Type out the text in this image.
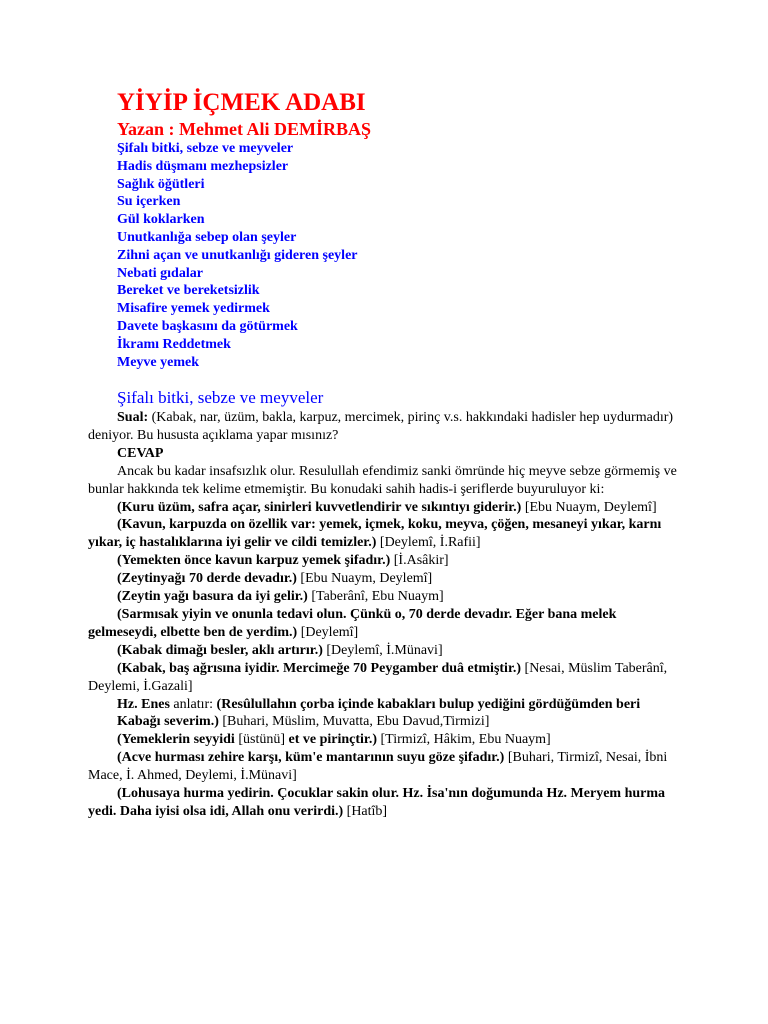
YİYİP İÇMEK ADABI
Yazan : Mehmet Ali DEMİRBAŞ
Şifalı bitki, sebze ve meyveler
Hadis düşmanı mezhepsizler
Sağlık öğütleri
Su içerken
Gül koklarken
Unutkanlığa sebep olan şeyler
Zihni açan ve unutkanlığı gideren şeyler
Nebati gıdalar
Bereket ve bereketsizlik
Misafire yemek yedirmek
Davete başkasını da götürmek
İkramı Reddetmek
Meyve yemek
Şifalı bitki, sebze ve meyveler

Sual: (Kabak, nar, üzüm, bakla, karpuz, mercimek, pirinç v.s. hakkındaki hadisler hep uydurmadır) deniyor. Bu hususta açıklama yapar mısınız?

CEVAP

Ancak bu kadar insafsızlık olur. Resulullah efendimiz sanki ömründe hiç meyve sebze görmemiş ve bunlar hakkında tek kelime etmemiştir. Bu konudaki sahih hadis-i şeriflerde buyuruluyor ki:

(Kuru üzüm, safra açar, sinirleri kuvvetlendirir ve sıkıntıyı giderir.) [Ebu Nuaym, Deylemî]

(Kavun, karpuzda on özellik var: yemek, içmek, koku, meyva, çöğen, mesaneyi yıkar, karnı yıkar, iç hastalıklarına iyi gelir ve cildi temizler.) [Deylemî, İ.Rafii]

(Yemekten önce kavun karpuz yemek şifadır.) [İ.Asâkir]

(Zeytinyağı 70 derde devadır.) [Ebu Nuaym, Deylemî]

(Zeytin yağı basura da iyi gelir.) [Taberânî, Ebu Nuaym]

(Sarmısak yiyin ve onunla tedavi olun. Çünkü o, 70 derde devadır. Eğer bana melek gelmeseydi, elbette ben de yerdim.) [Deylemî]

(Kabak dimağı besler, aklı artırır.) [Deylemî, İ.Münavi]

(Kabak, baş ağrısına iyidir. Mercimeğe 70 Peygamber duâ etmiştir.) [Nesai, Müslim Taberânî, Deylemi, İ.Gazali]

Hz. Enes anlatır: (Resûlullahın çorba içinde kabakları bulup yediğini gördüğümden beri

Kabağı severim.) [Buhari, Müslim, Muvatta, Ebu Davud,Tirmizi]

(Yemeklerin seyyidi [üstünü] et ve pirinçtir.) [Tirmizî, Hâkim, Ebu Nuaym]

(Acve hurması zehire karşı, küm'e mantarının suyu göze şifadır.) [Buhari, Tirmizî, Nesai, İbni Mace, İ. Ahmed, Deylemi, İ.Münavi]

(Lohusaya hurma yedirin. Çocuklar sakin olur. Hz. İsa'nın doğumunda Hz. Meryem hurma yedi. Daha iyisi olsa idi, Allah onu verirdi.) [Hatîb]
